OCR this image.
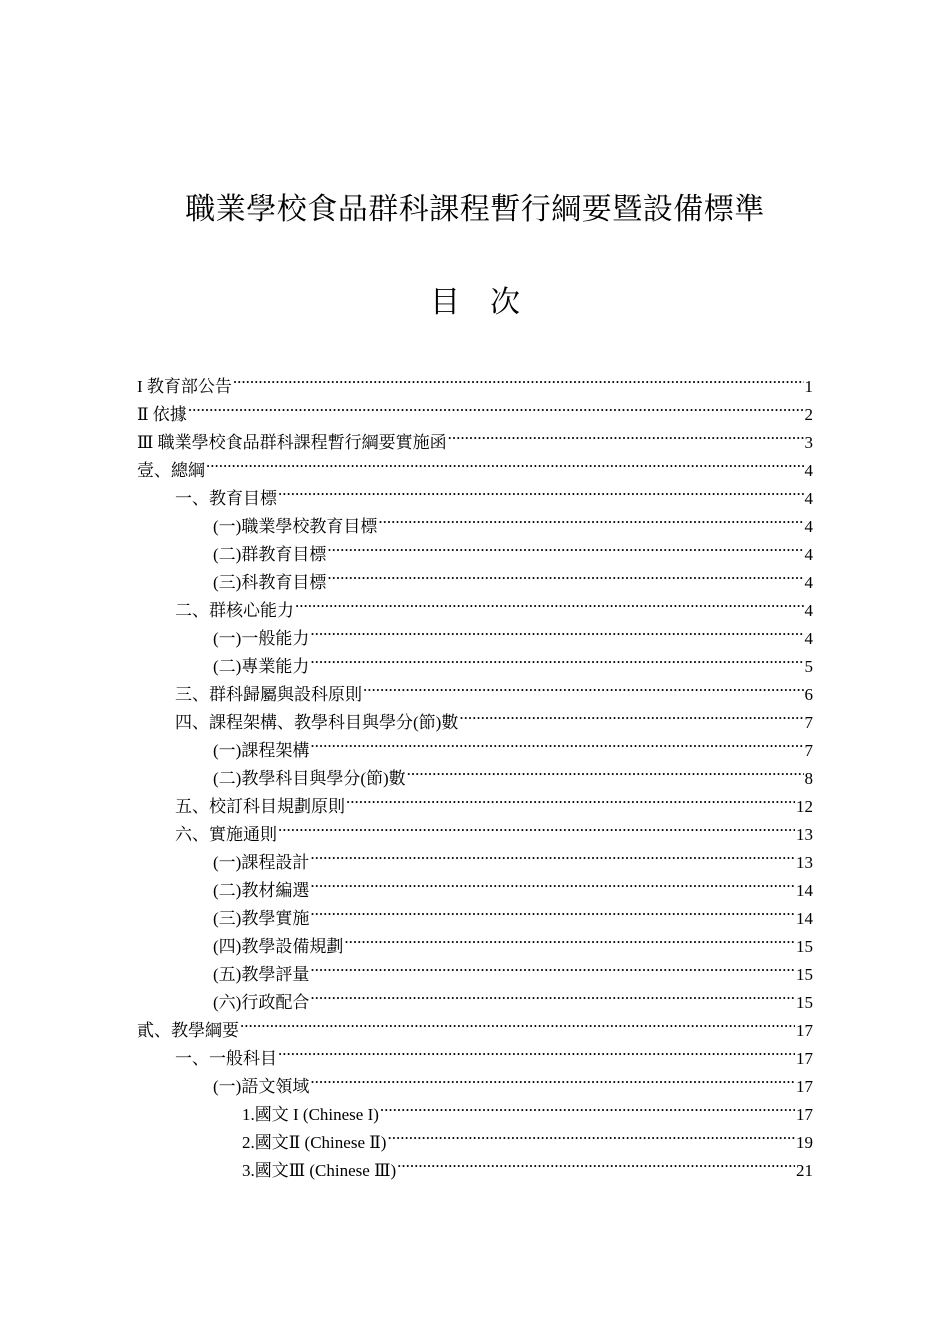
職業學校食品群科課程暫行綱要暨設備標準
目次
I 教育部公告 .....	1
Ⅱ 依據 .....	2
Ⅲ 職業學校食品群科課程暫行綱要實施函 .....	3
壹、總綱 .....	4
一、教育目標 .....	4
(一)職業學校教育目標 .....	4
(二)群教育目標 .....	4
(三)科教育目標 .....	4
二、群核心能力 .....	4
(一)一般能力 .....	4
(二)專業能力 .....	5
三、群科歸屬與設科原則 .....	6
四、課程架構、教學科目與學分(節)數 .....	7
(一)課程架構 .....	7
(二)教學科目與學分(節)數 .....	8
五、校訂科目規劃原則 .....	12
六、實施通則 .....	13
(一)課程設計 .....	13
(二)教材編選 .....	14
(三)教學實施 .....	14
(四)教學設備規劃 .....	15
(五)教學評量 .....	15
(六)行政配合 .....	15
貳、教學綱要 .....	17
一、一般科目 .....	17
(一)語文領域 .....	17
1.國文 I (Chinese I) .....	17
2.國文Ⅱ (Chinese Ⅱ) .....	19
3.國文Ⅲ (Chinese Ⅲ) .....	21
